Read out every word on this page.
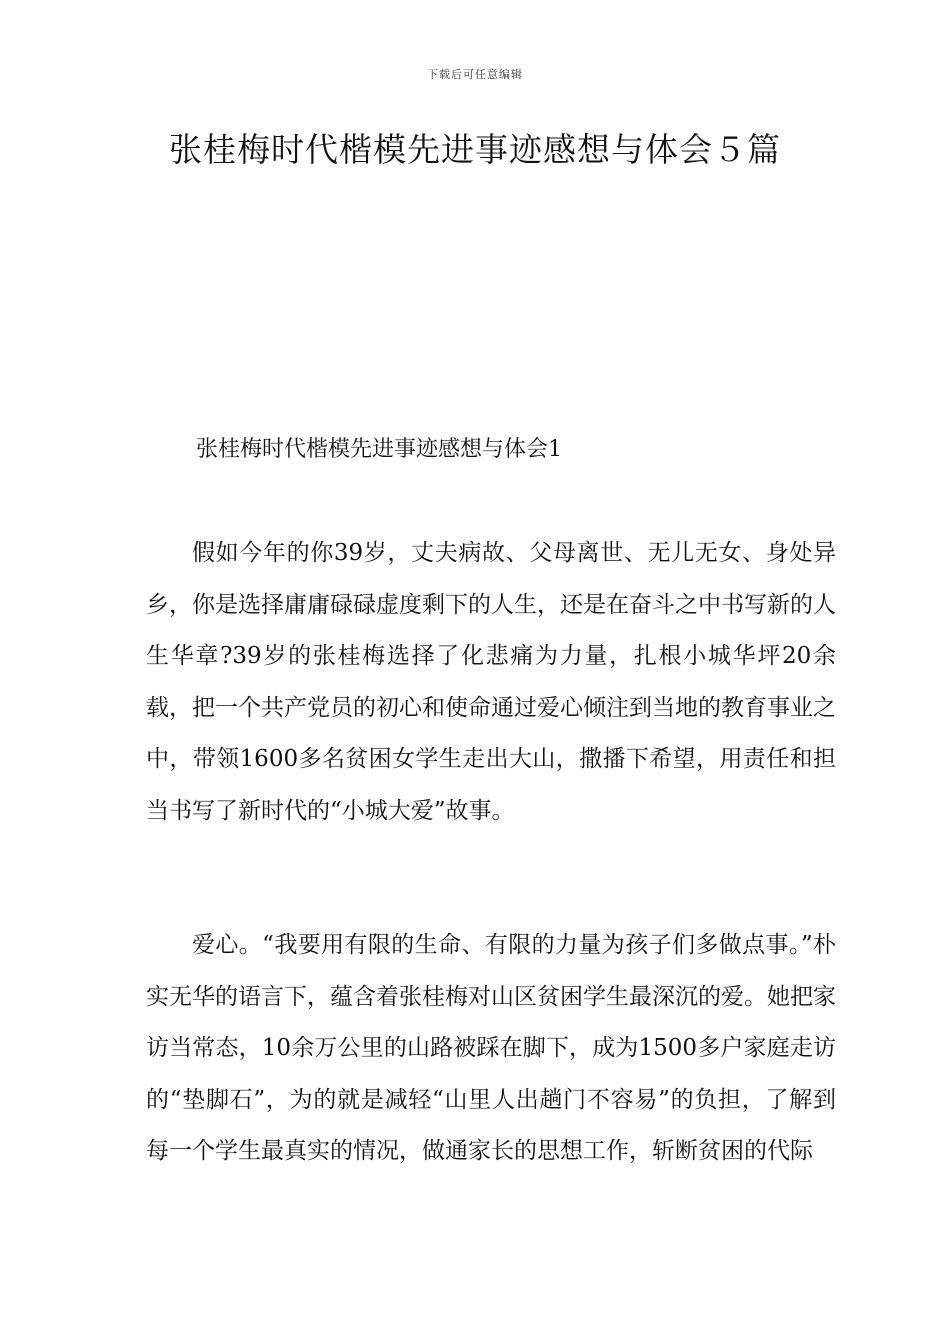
下载后可任意编辑
张桂梅时代楷模先进事迹感想与体会５篇
张桂梅时代楷模先进事迹感想与体会1

假如今年的你39岁，丈夫病故、父母离世、无儿无女、身处异乡，你是选择庸庸碌碌虚度剩下的人生，还是在奋斗之中书写新的人生华章?39岁的张桂梅选择了化悲痛为力量，扎根小城华坪20余载，把一个共产党员的初心和使命通过爱心倾注到当地的教育事业之中，带领1600多名贫困女学生走出大山，撒播下希望，用责任和担当书写了新时代的“小城大爱”故事。

爱心。“我要用有限的生命、有限的力量为孩子们多做点事。”朴实无华的语言下，蕴含着张桂梅对山区贫困学生最深沉的爱。她把家访当常态，10余万公里的山路被踩在脚下，成为1500多户家庭走访的“垫脚石”，为的就是减轻“山里人出趟门不容易”的负担，了解到每一个学生最真实的情况，做通家长的思想工作，斩断贫困的代际
